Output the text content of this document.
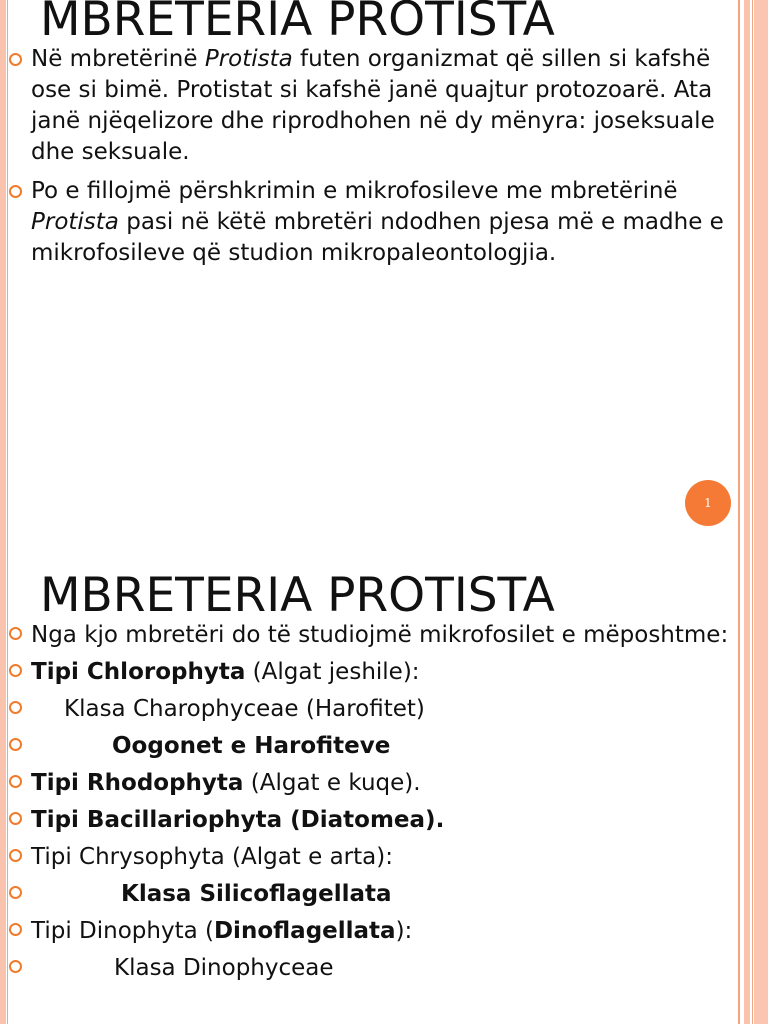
MBRETERIA PROTISTA
Në mbretërinë Protista futen organizmat që sillen si kafshë ose si bimë. Protistat si kafshë janë quajtur protozoarë. Ata janë njëqelizore dhe riprodhohen në dy mënyra: joseksuale dhe seksuale.
Po e fillojmë përshkrimin e mikrofosileve me mbretërinë Protista pasi në këtë mbretëri ndodhen pjesa më e madhe e mikrofosileve që studion mikropaleontologjia.
1
MBRETERIA PROTISTA
Nga kjo mbretëri do të studiojmë mikrofosilet e mëposhtme:
Tipi Chlorophyta (Algat jeshile):
Klasa Charophyceae (Harofitet)
Oogonet e Harofiteve
Tipi Rhodophyta (Algat e kuqe).
Tipi Bacillariophyta (Diatomea).
Tipi Chrysophyta (Algat e arta):
Klasa Silicoflagellata
Tipi Dinophyta (Dinoflagellata):
Klasa Dinophyceae
